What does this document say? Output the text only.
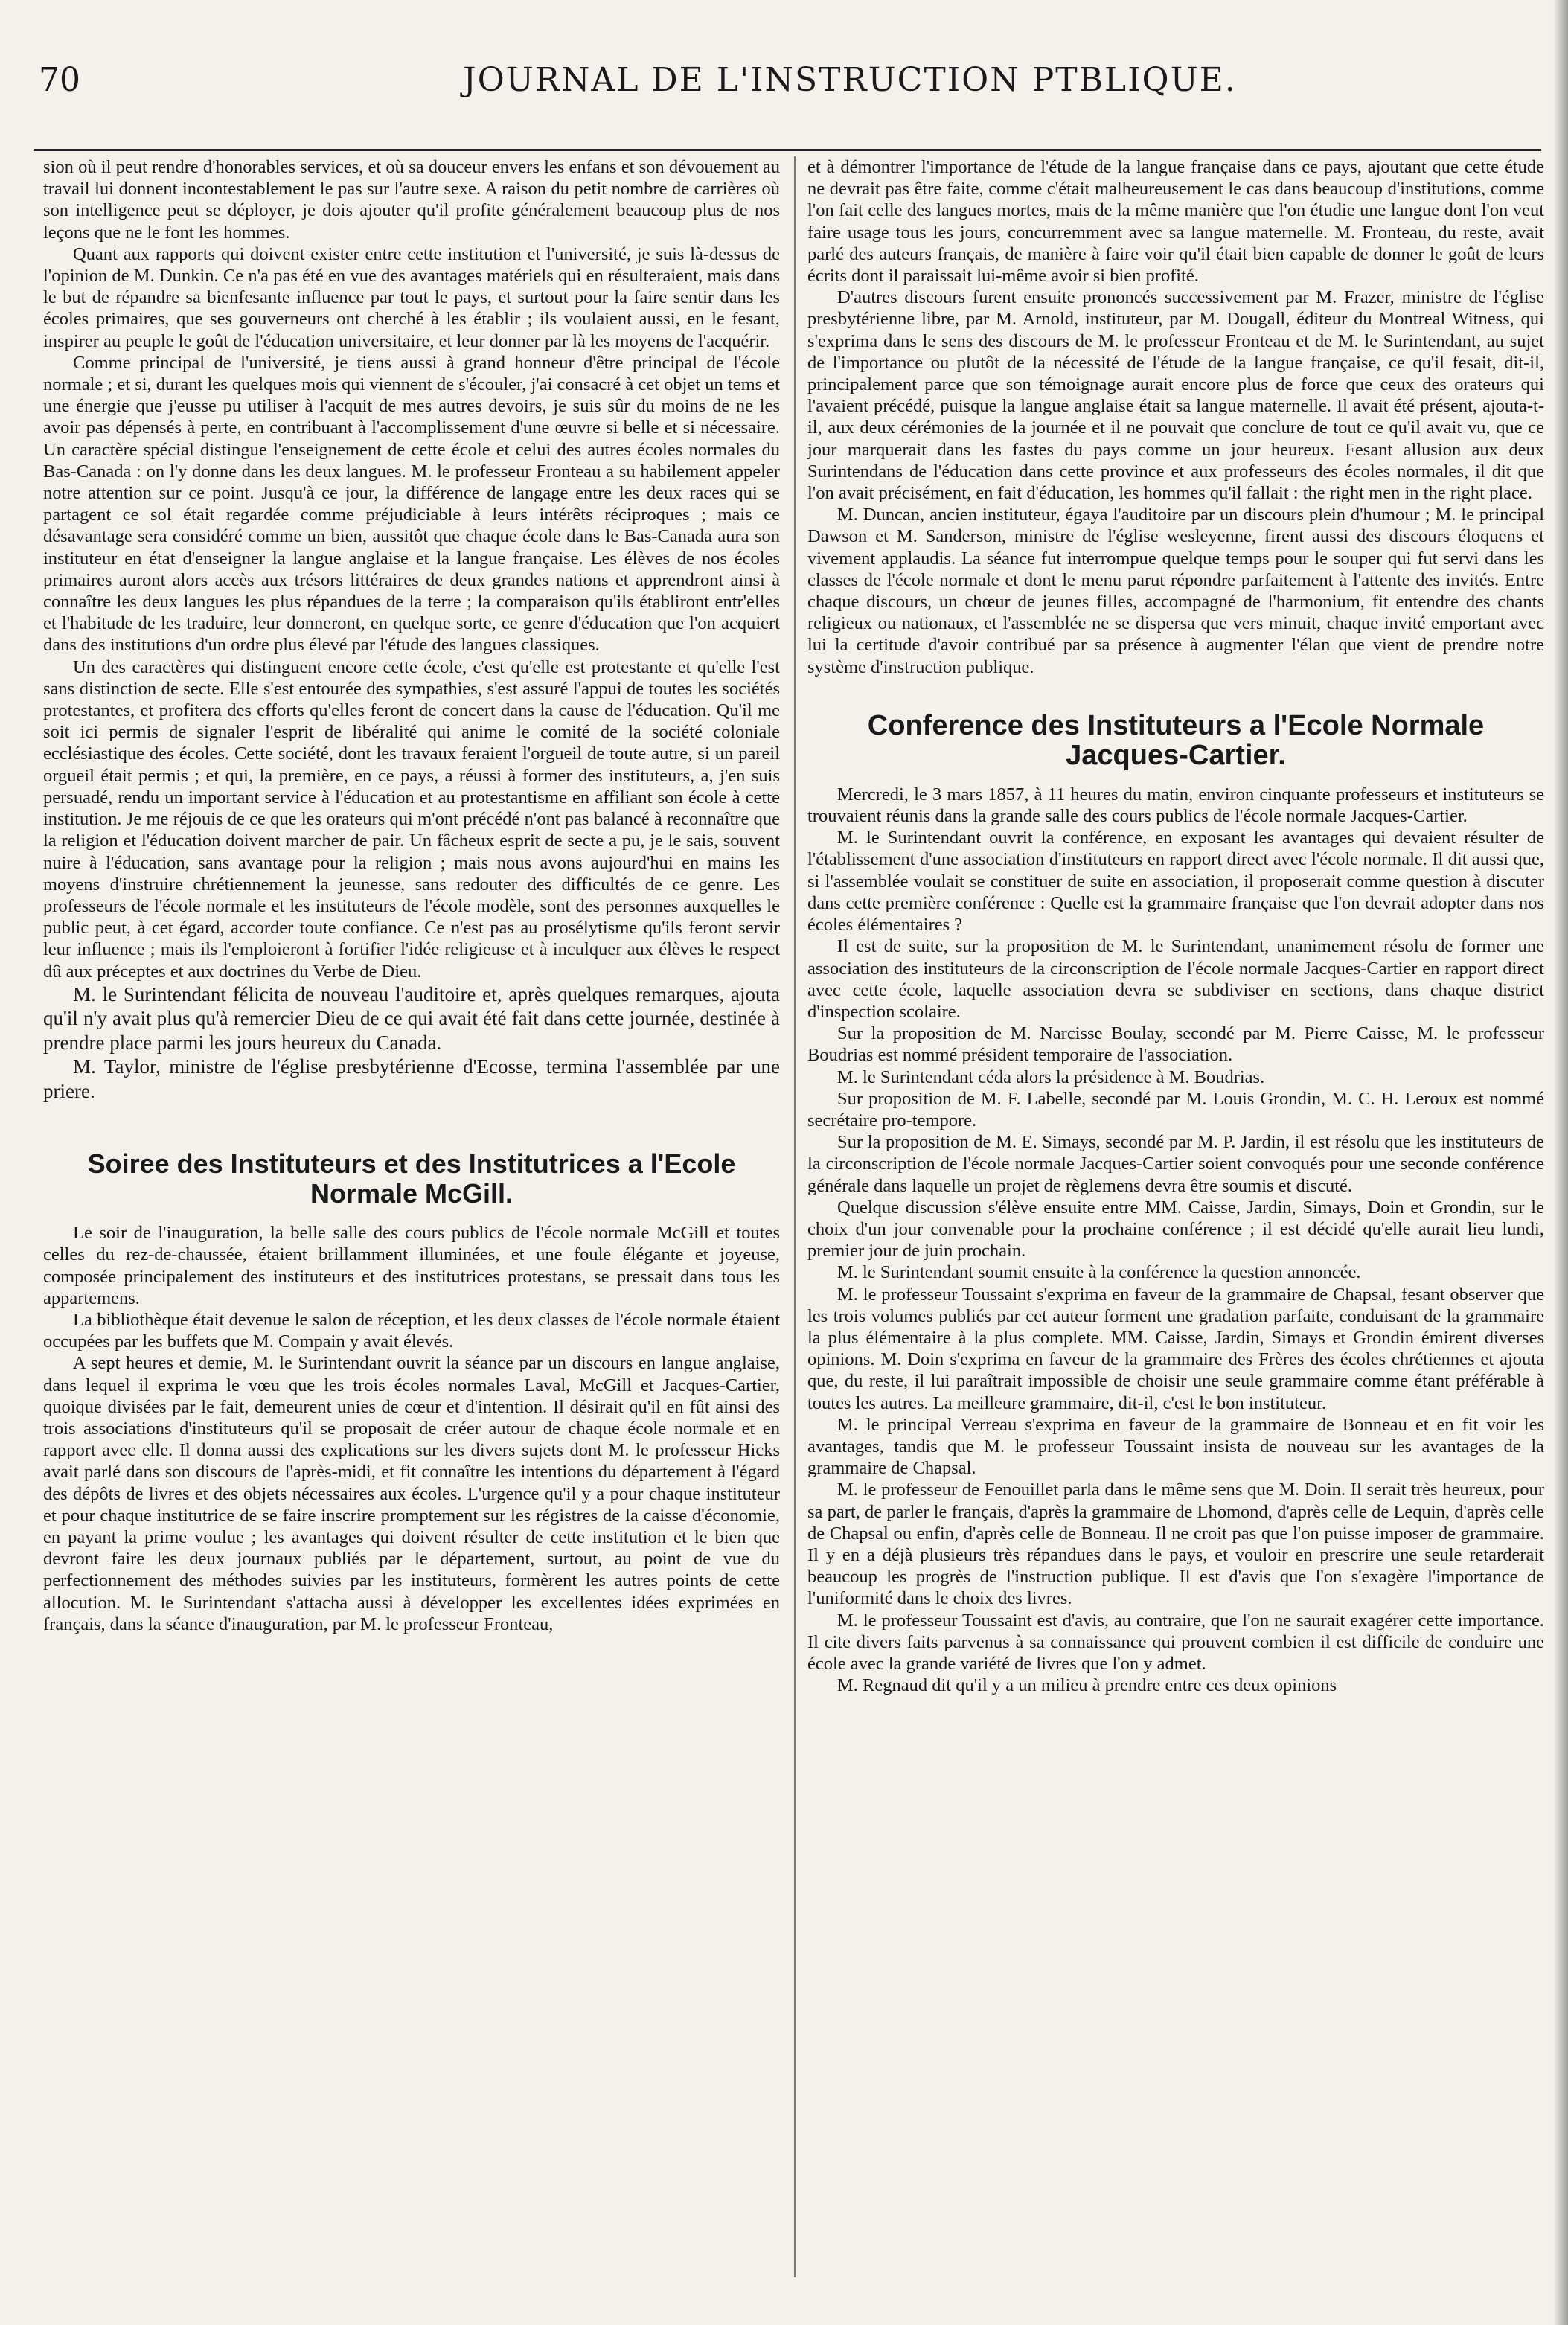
70	JOURNAL DE L'INSTRUCTION PTBLIQUE.

sion où il peut rendre d'honorables services, et où sa douceur envers les enfans et son dévouement au travail lui donnent incontestablement le pas sur l'autre sexe. A raison du petit nombre de carrières où son intelligence peut se déployer, je dois ajouter qu'il profite généralement beaucoup plus de nos leçons que ne le font les hommes.

Quant aux rapports qui doivent exister entre cette institution et l'université, je suis là-dessus de l'opinion de M. Dunkin. Ce n'a pas été en vue des avantages matériels qui en résulteraient, mais dans le but de répandre sa bienfesante influence par tout le pays, et surtout pour la faire sentir dans les écoles primaires, que ses gouverneurs ont cherché à les établir ; ils voulaient aussi, en le fesant, inspirer au peuple le goût de l'éducation universitaire, et leur donner par là les moyens de l'acquérir.

Comme principal de l'université, je tiens aussi à grand honneur d'être principal de l'école normale ; et si, durant les quelques mois qui viennent de s'écouler, j'ai consacré à cet objet un tems et une énergie que j'eusse pu utiliser à l'acquit de mes autres devoirs, je suis sûr du moins de ne les avoir pas dépensés à perte, en contribuant à l'accomplissement d'une œuvre si belle et si nécessaire. Un caractère spécial distingue l'enseignement de cette école et celui des autres écoles normales du Bas-Canada : on l'y donne dans les deux langues. M. le professeur Fronteau a su habilement appeler notre attention sur ce point. Jusqu'à ce jour, la différence de langage entre les deux races qui se partagent ce sol était regardée comme préjudiciable à leurs intérêts réciproques ; mais ce désavantage sera considéré comme un bien, aussitôt que chaque école dans le Bas-Canada aura son instituteur en état d'enseigner la langue anglaise et la langue française. Les élèves de nos écoles primaires auront alors accès aux trésors littéraires de deux grandes nations et apprendront ainsi à connaître les deux langues les plus répandues de la terre ; la comparaison qu'ils établiront entr'elles et l'habitude de les traduire, leur donneront, en quelque sorte, ce genre d'éducation que l'on acquiert dans des institutions d'un ordre plus élevé par l'étude des langues classiques.

Un des caractères qui distinguent encore cette école, c'est qu'elle est protestante et qu'elle l'est sans distinction de secte. Elle s'est entourée des sympathies, s'est assuré l'appui de toutes les sociétés protestantes, et profitera des efforts qu'elles feront de concert dans la cause de l'éducation. Qu'il me soit ici permis de signaler l'esprit de libéralité qui anime le comité de la société coloniale ecclésiastique des écoles. Cette société, dont les travaux feraient l'orgueil de toute autre, si un pareil orgueil était permis ; et qui, la première, en ce pays, a réussi à former des instituteurs, a, j'en suis persuadé, rendu un important service à l'éducation et au protestantisme en affiliant son école à cette institution. Je me réjouis de ce que les orateurs qui m'ont précédé n'ont pas balancé à reconnaître que la religion et l'éducation doivent marcher de pair. Un fâcheux esprit de secte a pu, je le sais, souvent nuire à l'éducation, sans avantage pour la religion ; mais nous avons aujourd'hui en mains les moyens d'instruire chrétiennement la jeunesse, sans redouter des difficultés de ce genre. Les professeurs de l'école normale et les instituteurs de l'école modèle, sont des personnes auxquelles le public peut, à cet égard, accorder toute confiance. Ce n'est pas au prosélytisme qu'ils feront servir leur influence ; mais ils l'emploieront à fortifier l'idée religieuse et à inculquer aux élèves le respect dû aux préceptes et aux doctrines du Verbe de Dieu.

M. le Surintendant félicita de nouveau l'auditoire et, après quelques remarques, ajouta qu'il n'y avait plus qu'à remercier Dieu de ce qui avait été fait dans cette journée, destinée à prendre place parmi les jours heureux du Canada.

M. Taylor, ministre de l'église presbytérienne d'Ecosse, termina l'assemblée par une priere.

Soiree des Instituteurs et des Institutrices a l'Ecole Normale McGill.

Le soir de l'inauguration, la belle salle des cours publics de l'école normale McGill et toutes celles du rez-de-chaussée, étaient brillamment illuminées, et une foule élégante et joyeuse, composée principalement des instituteurs et des institutrices protestans, se pressait dans tous les appartemens.

La bibliothèque était devenue le salon de réception, et les deux classes de l'école normale étaient occupées par les buffets que M. Compain y avait élevés.

A sept heures et demie, M. le Surintendant ouvrit la séance par un discours en langue anglaise, dans lequel il exprima le vœu que les trois écoles normales Laval, McGill et Jacques-Cartier, quoique divisées par le fait, demeurent unies de cœur et d'intention. Il désirait qu'il en fût ainsi des trois associations d'instituteurs qu'il se proposait de créer autour de chaque école normale et en rapport avec elle. Il donna aussi des explications sur les divers sujets dont M. le professeur Hicks avait parlé dans son discours de l'après-midi, et fit connaître les intentions du département à l'égard des dépôts de livres et des objets nécessaires aux écoles. L'urgence qu'il y a pour chaque instituteur et pour chaque institutrice de se faire inscrire promptement sur les régistres de la caisse d'économie, en payant la prime voulue ; les avantages qui doivent résulter de cette institution et le bien que devront faire les deux journaux publiés par le département, surtout, au point de vue du perfectionnement des méthodes suivies par les instituteurs, formèrent les autres points de cette allocution. M. le Surintendant s'attacha aussi à développer les excellentes idées exprimées en français, dans la séance d'inauguration, par M. le professeur Fronteau,

et à démontrer l'importance de l'étude de la langue française dans ce pays, ajoutant que cette étude ne devrait pas être faite, comme c'était malheureusement le cas dans beaucoup d'institutions, comme l'on fait celle des langues mortes, mais de la même manière que l'on étudie une langue dont l'on veut faire usage tous les jours, concurremment avec sa langue maternelle. M. Fronteau, du reste, avait parlé des auteurs français, de manière à faire voir qu'il était bien capable de donner le goût de leurs écrits dont il paraissait lui-même avoir si bien profité.

D'autres discours furent ensuite prononcés successivement par M. Frazer, ministre de l'église presbytérienne libre, par M. Arnold, instituteur, par M. Dougall, éditeur du Montreal Witness, qui s'exprima dans le sens des discours de M. le professeur Fronteau et de M. le Surintendant, au sujet de l'importance ou plutôt de la nécessité de l'étude de la langue française, ce qu'il fesait, dit-il, principalement parce que son témoignage aurait encore plus de force que ceux des orateurs qui l'avaient précédé, puisque la langue anglaise était sa langue maternelle. Il avait été présent, ajouta-t-il, aux deux cérémonies de la journée et il ne pouvait que conclure de tout ce qu'il avait vu, que ce jour marquerait dans les fastes du pays comme un jour heureux. Fesant allusion aux deux Surintendans de l'éducation dans cette province et aux professeurs des écoles normales, il dit que l'on avait précisément, en fait d'éducation, les hommes qu'il fallait : the right men in the right place.

M. Duncan, ancien instituteur, égaya l'auditoire par un discours plein d'humour ; M. le principal Dawson et M. Sanderson, ministre de l'église wesleyenne, firent aussi des discours éloquens et vivement applaudis. La séance fut interrompue quelque temps pour le souper qui fut servi dans les classes de l'école normale et dont le menu parut répondre parfaitement à l'attente des invités. Entre chaque discours, un chœur de jeunes filles, accompagné de l'harmonium, fit entendre des chants religieux ou nationaux, et l'assemblée ne se dispersa que vers minuit, chaque invité emportant avec lui la certitude d'avoir contribué par sa présence à augmenter l'élan que vient de prendre notre système d'instruction publique.

Conference des Instituteurs a l'Ecole Normale
Jacques-Cartier.

Mercredi, le 3 mars 1857, à 11 heures du matin, environ cinquante professeurs et instituteurs se trouvaient réunis dans la grande salle des cours publics de l'école normale Jacques-Cartier.

M. le Surintendant ouvrit la conférence, en exposant les avantages qui devaient résulter de l'établissement d'une association d'instituteurs en rapport direct avec l'école normale. Il dit aussi que, si l'assemblée voulait se constituer de suite en association, il proposerait comme question à discuter dans cette première conférence : Quelle est la grammaire française que l'on devrait adopter dans nos écoles élémentaires ?

Il est de suite, sur la proposition de M. le Surintendant, unanimement résolu de former une association des instituteurs de la circonscription de l'école normale Jacques-Cartier en rapport direct avec cette école, laquelle association devra se subdiviser en sections, dans chaque district d'inspection scolaire.

Sur la proposition de M. Narcisse Boulay, secondé par M. Pierre Caisse, M. le professeur Boudrias est nommé président temporaire de l'association.

M. le Surintendant céda alors la présidence à M. Boudrias.

Sur proposition de M. F. Labelle, secondé par M. Louis Grondin, M. C. H. Leroux est nommé secrétaire pro-tempore.

Sur la proposition de M. E. Simays, secondé par M. P. Jardin, il est résolu que les instituteurs de la circonscription de l'école normale Jacques-Cartier soient convoqués pour une seconde conférence générale dans laquelle un projet de règlemens devra être soumis et discuté.

Quelque discussion s'élève ensuite entre MM. Caisse, Jardin, Simays, Doin et Grondin, sur le choix d'un jour convenable pour la prochaine conférence ; il est décidé qu'elle aurait lieu lundi, premier jour de juin prochain.

M. le Surintendant soumit ensuite à la conférence la question annoncée.

M. le professeur Toussaint s'exprima en faveur de la grammaire de Chapsal, fesant observer que les trois volumes publiés par cet auteur forment une gradation parfaite, conduisant de la grammaire la plus élémentaire à la plus complete. MM. Caisse, Jardin, Simays et Grondin émirent diverses opinions. M. Doin s'exprima en faveur de la grammaire des Frères des écoles chrétiennes et ajouta que, du reste, il lui paraîtrait impossible de choisir une seule grammaire comme étant préférable à toutes les autres. La meilleure grammaire, dit-il, c'est le bon instituteur.

M. le principal Verreau s'exprima en faveur de la grammaire de Bonneau et en fit voir les avantages, tandis que M. le professeur Toussaint insista de nouveau sur les avantages de la grammaire de Chapsal.

M. le professeur de Fenouillet parla dans le même sens que M. Doin. Il serait très heureux, pour sa part, de parler le français, d'après la grammaire de Lhomond, d'après celle de Lequin, d'après celle de Chapsal ou enfin, d'après celle de Bonneau. Il ne croit pas que l'on puisse imposer de grammaire. Il y en a déjà plusieurs très répandues dans le pays, et vouloir en prescrire une seule retarderait beaucoup les progrès de l'instruction publique. Il est d'avis que l'on s'exagère l'importance de l'uniformité dans le choix des livres.

M. le professeur Toussaint est d'avis, au contraire, que l'on ne saurait exagérer cette importance. Il cite divers faits parvenus à sa connaissance qui prouvent combien il est difficile de conduire une école avec la grande variété de livres que l'on y admet.

M. Regnaud dit qu'il y a un milieu à prendre entre ces deux opinions
